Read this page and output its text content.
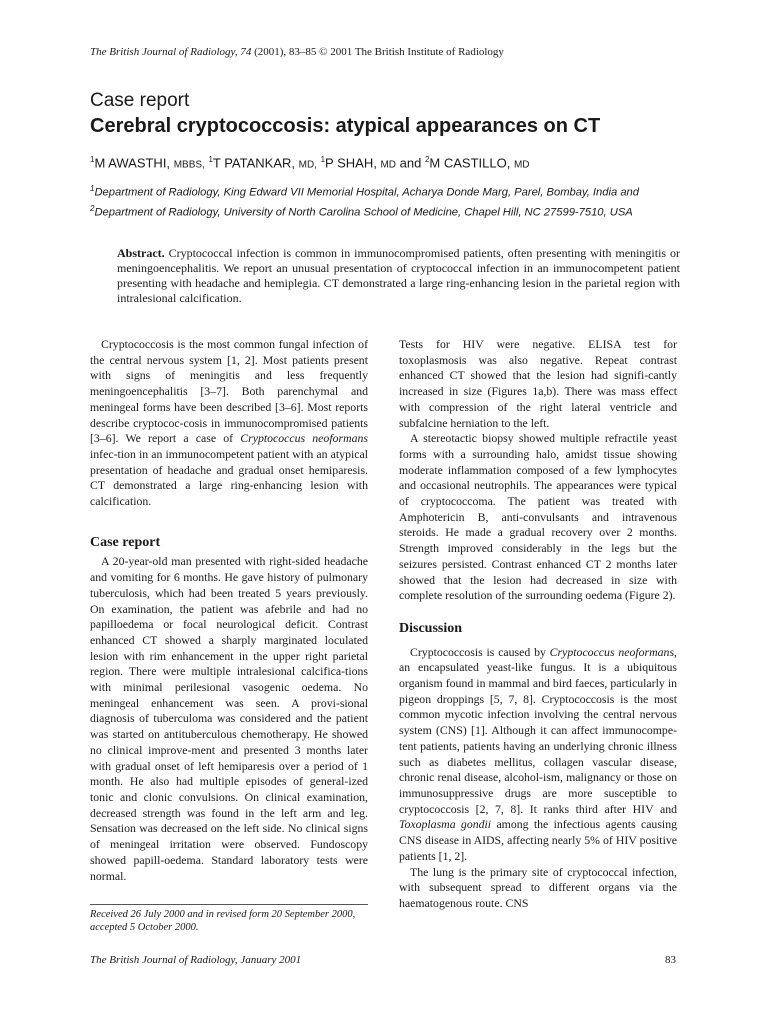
The British Journal of Radiology, 74 (2001), 83–85 © 2001 The British Institute of Radiology
Case report
Cerebral cryptococcosis: atypical appearances on CT
$^1$M AWASTHI, MBBS, $^1$T PATANKAR, MD, $^1$P SHAH, MD and $^2$M CASTILLO, MD
$^1$Department of Radiology, King Edward VII Memorial Hospital, Acharya Donde Marg, Parel, Bombay, India and $^2$Department of Radiology, University of North Carolina School of Medicine, Chapel Hill, NC 27599-7510, USA
Abstract. Cryptococcal infection is common in immunocompromised patients, often presenting with meningitis or meningoencephalitis. We report an unusual presentation of cryptococcal infection in an immunocompetent patient presenting with headache and hemiplegia. CT demonstrated a large ring-enhancing lesion in the parietal region with intralesional calcification.

Cryptococcosis is the most common fungal infection of the central nervous system [1, 2]. Most patients present with signs of meningitis and less frequently meningoencephalitis [3–7]. Both parenchymal and meningeal forms have been described [3–6]. Most reports describe cryptococ-cosis in immunocompromised patients [3–6]. We report a case of Cryptococcus neoformans infec-tion in an immunocompetent patient with an atypical presentation of headache and gradual onset hemiparesis. CT demonstrated a large ring-enhancing lesion with calcification.

Case report

A 20-year-old man presented with right-sided headache and vomiting for 6 months. He gave history of pulmonary tuberculosis, which had been treated 5 years previously. On examination, the patient was afebrile and had no papilloedema or focal neurological deficit. Contrast enhanced CT showed a sharply marginated loculated lesion with rim enhancement in the upper right parietal region. There were multiple intralesional calcifica-tions with minimal perilesional vasogenic oedema. No meningeal enhancement was seen. A provi-sional diagnosis of tuberculoma was considered and the patient was started on antituberculous chemotherapy. He showed no clinical improve-ment and presented 3 months later with gradual onset of left hemiparesis over a period of 1 month. He also had multiple episodes of general-ized tonic and clonic convulsions. On clinical examination, decreased strength was found in the left arm and leg. Sensation was decreased on the left side. No clinical signs of meningeal irritation were observed. Fundoscopy showed papill-oedema. Standard laboratory tests were normal.

Received 26 July 2000 and in revised form 20 September 2000, accepted 5 October 2000.

Tests for HIV were negative. ELISA test for toxoplasmosis was also negative. Repeat contrast enhanced CT showed that the lesion had signifi-cantly increased in size (Figures 1a,b). There was mass effect with compression of the right lateral ventricle and subfalcine herniation to the left.

A stereotactic biopsy showed multiple refractile yeast forms with a surrounding halo, amidst tissue showing moderate inflammation composed of a few lymphocytes and occasional neutrophils. The appearances were typical of cryptococcoma. The patient was treated with Amphotericin B, anti-convulsants and intravenous steroids. He made a gradual recovery over 2 months. Strength improved considerably in the legs but the seizures persisted. Contrast enhanced CT 2 months later showed that the lesion had decreased in size with complete resolution of the surrounding oedema (Figure 2).

Discussion

Cryptococcosis is caused by Cryptococcus neoformans, an encapsulated yeast-like fungus. It is a ubiquitous organism found in mammal and bird faeces, particularly in pigeon droppings [5, 7, 8]. Cryptococcosis is the most common mycotic infection involving the central nervous system (CNS) [1]. Although it can affect immunocompe-tent patients, patients having an underlying chronic illness such as diabetes mellitus, collagen vascular disease, chronic renal disease, alcohol-ism, malignancy or those on immunosuppressive drugs are more susceptible to cryptococcosis [2, 7, 8]. It ranks third after HIV and Toxoplasma gondii among the infectious agents causing CNS disease in AIDS, affecting nearly 5% of HIV positive patients [1, 2].

The lung is the primary site of cryptococcal infection, with subsequent spread to different organs via the haematogenous route. CNS

The British Journal of Radiology, January 2001	83
